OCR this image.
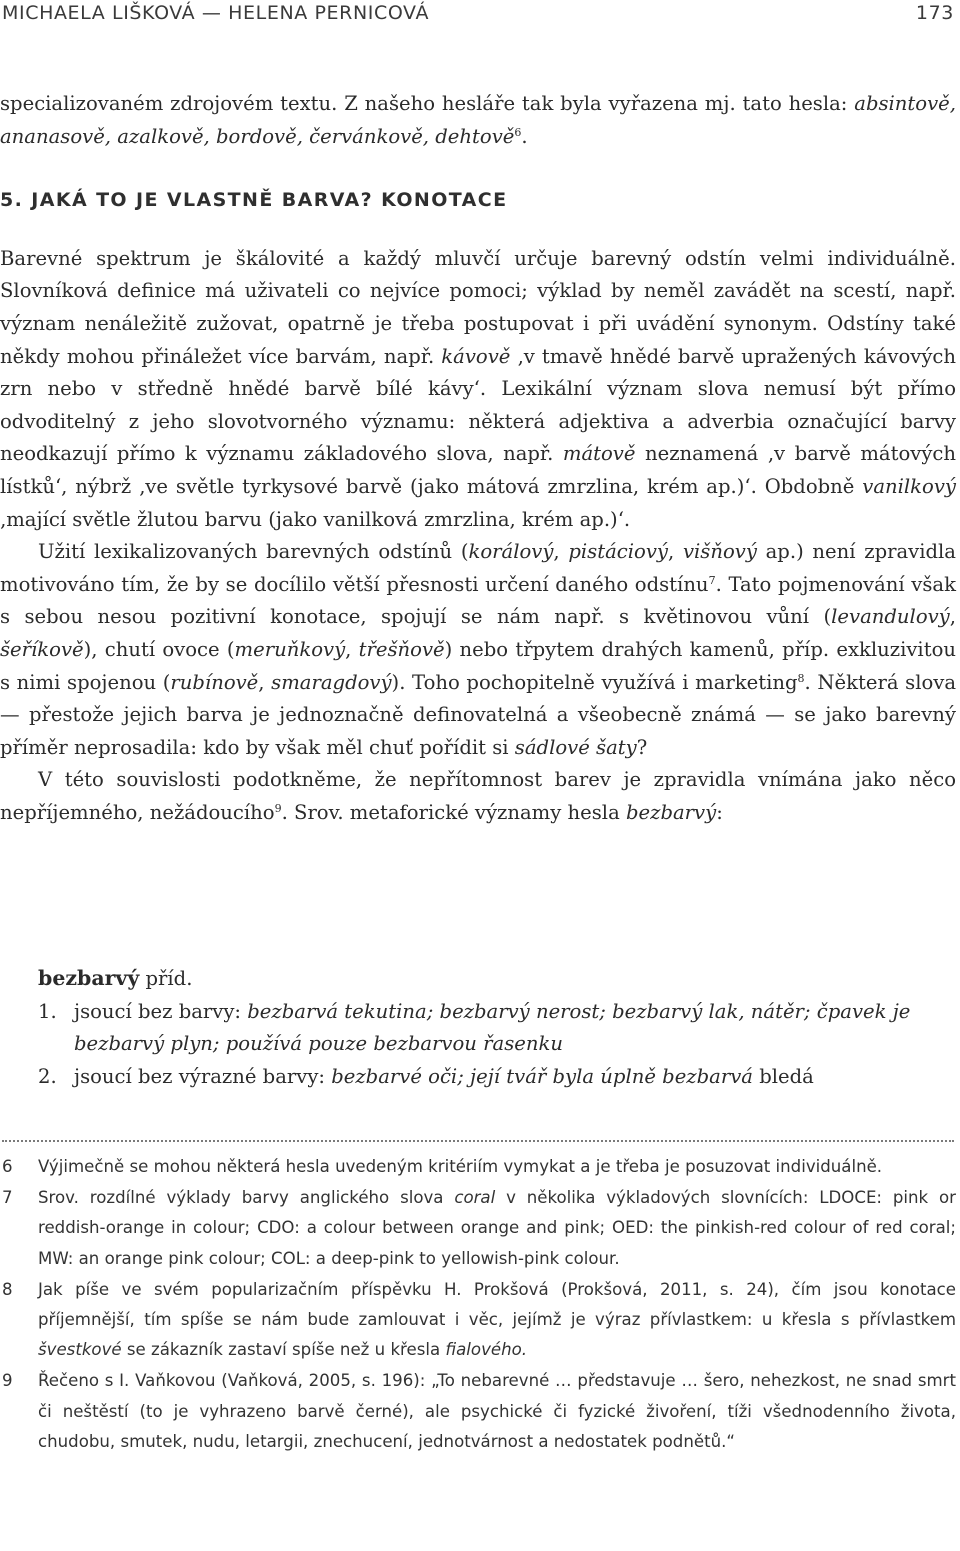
MICHAELA LIŠKOVÁ — HELENA PERNICOVÁ	173

specializovaném zdrojovém textu. Z našeho hesláře tak byla vyřazena mj. tato hesla: absintově, ananasově, azalkově, bordově, červánkově, dehtově$^6$.

5. JAKÁ TO JE VLASTNĚ BARVA? KONOTACE

Barevné spektrum je škálovité a každý mluvčí určuje barevný odstín velmi individuálně. Slovníková definice má uživateli co nejvíce pomoci; výklad by neměl zavádět na scestí, např. význam nenáležitě zužovat, opatrně je třeba postupovat i při uvádění synonym. Odstíny také někdy mohou přináležet více barvám, např. kávově ‚v tmavě hnědé barvě upražených kávových zrn nebo v středně hnědé barvě bílé kávy‘. Lexikální význam slova nemusí být přímo odvoditelný z jeho slovotvorného významu: některá adjektiva a adverbia označující barvy neodkazují přímo k významu základového slova, např. mátově neznamená ‚v barvě mátových lístků‘, nýbrž ‚ve světle tyrkysové barvě (jako mátová zmrzlina, krém ap.)‘. Obdobně vanilkový ‚mající světle žlutou barvu (jako vanilková zmrzlina, krém ap.)‘.

Užití lexikalizovaných barevných odstínů (korálový, pistáciový, višňový ap.) není zpravidla motivováno tím, že by se docílilo větší přesnosti určení daného odstínu$^7$. Tato pojmenování však s sebou nesou pozitivní konotace, spojují se nám např. s květinovou vůní (levandulový, šeříkově), chutí ovoce (meruňkový, třešňově) nebo třpytem drahých kamenů, příp. exkluzivitou s nimi spojenou (rubínově, smaragdový). Toho pochopitelně využívá i marketing$^8$. Některá slova — přestože jejich barva je jednoznačně definovatelná a všeobecně známá — se jako barevný příměr neprosadila: kdo by však měl chuť pořídit si sádlové šaty?

V této souvislosti podotkněme, že nepřítomnost barev je zpravidla vnímána jako něco nepříjemného, nežádoucího$^9$. Srov. metaforické významy hesla bezbarvý:

bezbarvý příd.
1. jsoucí bez barvy: bezbarvá tekutina; bezbarvý nerost; bezbarvý lak, nátěr; čpavek je bezbarvý plyn; používá pouze bezbarvou řasenku
2. jsoucí bez výrazné barvy: bezbarvé oči; její tvář byla úplně bezbarvá bledá
6 Výjimečně se mohou některá hesla uvedeným kritériím vymykat a je třeba je posuzovat individuálně.
7 Srov. rozdílné výklady barvy anglického slova coral v několika výkladových slovnících: LDOCE: pink or reddish-orange in colour; CDO: a colour between orange and pink; OED: the pinkish-red colour of red coral; MW: an orange pink colour; COL: a deep-pink to yellowish-pink colour.
8 Jak píše ve svém popularizačním příspěvku H. Prokšová (Prokšová, 2011, s. 24), čím jsou konotace příjemnější, tím spíše se nám bude zamlouvat i věc, jejímž je výraz přívlastkem: u křesla s přívlastkem švestkové se zákazník zastaví spíše než u křesla fialového.
9 Řečeno s I. Vaňkovou (Vaňková, 2005, s. 196): „To nebarevné … představuje … šero, nehezkost, ne snad smrt či neštěstí (to je vyhrazeno barvě černé), ale psychické či fyzické živoření, tíži všednodenního života, chudobu, smutek, nudu, letargii, znechucení, jednotvárnost a nedostatek podnětů.“
